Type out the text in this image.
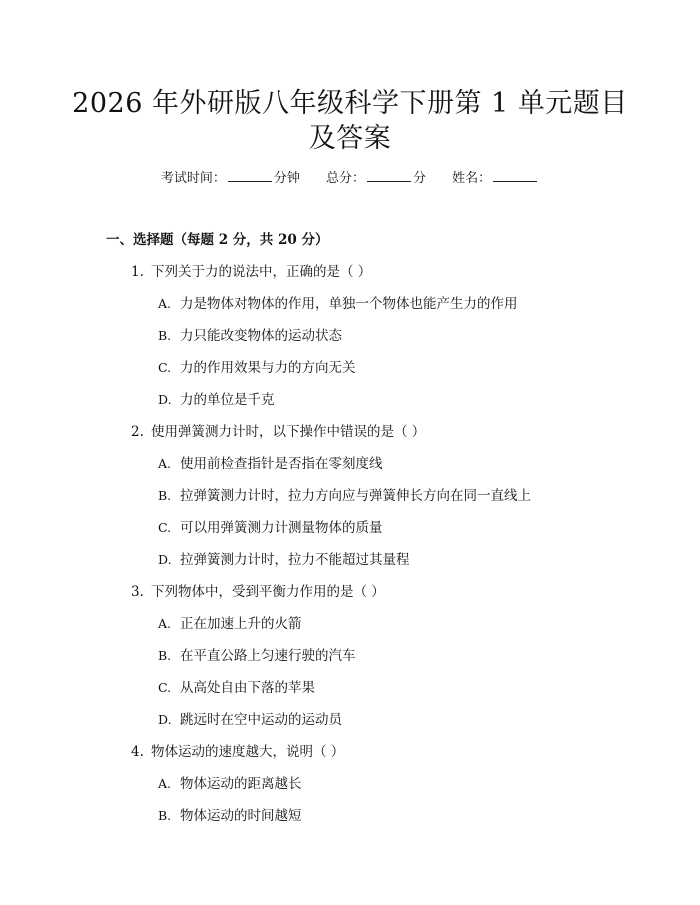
2026 年外研版八年级科学下册第 1 单元题目
及答案
考试时间：	分钟 总分：	分 姓名：
一、选择题（每题 2 分，共 20 分）
1. 下列关于力的说法中，正确的是（ ）
A. 力是物体对物体的作用，单独一个物体也能产生力的作用
B. 力只能改变物体的运动状态
C. 力的作用效果与力的方向无关
D. 力的单位是千克
2. 使用弹簧测力计时，以下操作中错误的是（ ）
A. 使用前检查指针是否指在零刻度线
B. 拉弹簧测力计时，拉力方向应与弹簧伸长方向在同一直线上
C. 可以用弹簧测力计测量物体的质量
D. 拉弹簧测力计时，拉力不能超过其量程
3. 下列物体中，受到平衡力作用的是（ ）
A. 正在加速上升的火箭
B. 在平直公路上匀速行驶的汽车
C. 从高处自由下落的苹果
D. 跳远时在空中运动的运动员
4. 物体运动的速度越大，说明（ ）
A. 物体运动的距离越长
B. 物体运动的时间越短
